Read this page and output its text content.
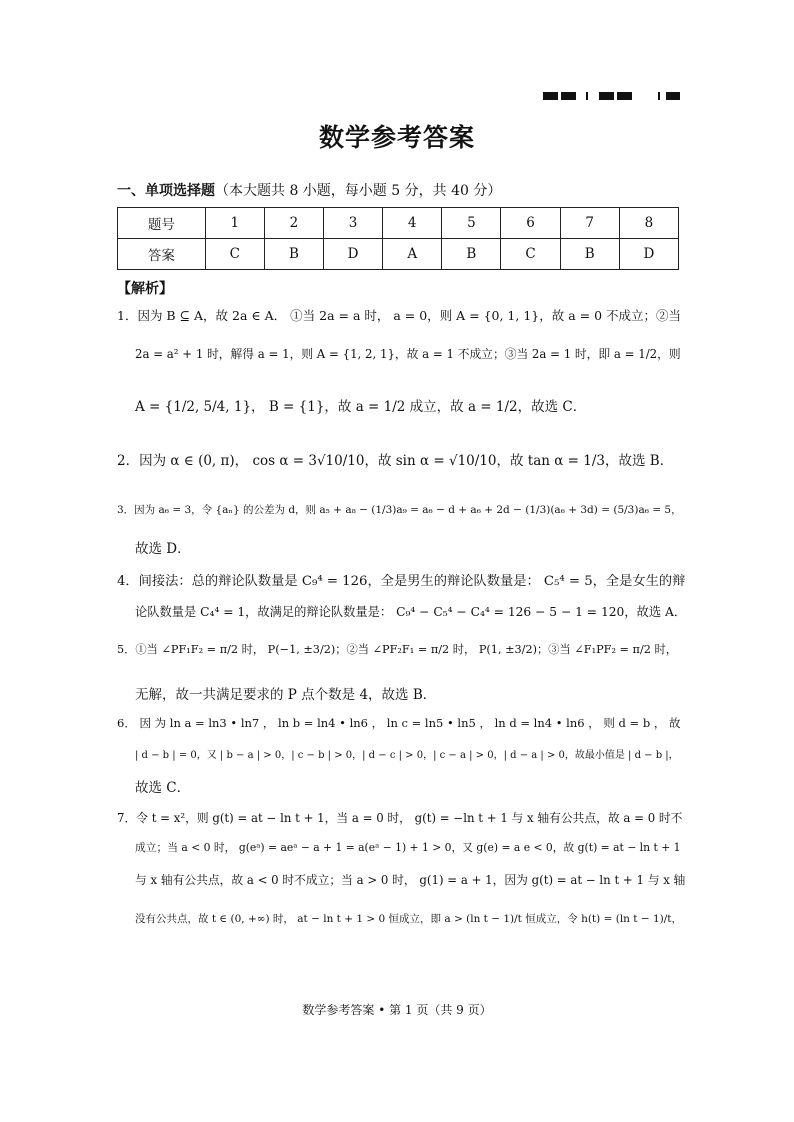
数学参考答案
一、单项选择题（本大题共 8 小题，每小题 5 分，共 40 分）
题号	1	2	3	4	5	6	7	8
答案	C	B	D	A	B	C	B	D
【解析】
1．因为 B ⊆ A，故 2a ∈ A． ①当 2a = a 时， a = 0，则 A = {0, 1, 1}，故 a = 0 不成立；②当
2a = a² + 1 时，解得 a = 1，则 A = {1, 2, 1}，故 a = 1 不成立；③当 2a = 1 时，即 a = 1/2，则
A = {1/2, 5/4, 1}， B = {1}，故 a = 1/2 成立，故 a = 1/2，故选 C．
2．因为 α ∈ (0, π)， cos α = 3√10/10，故 sin α = √10/10，故 tan α = 1/3，故选 B．
3．因为 a₆ = 3，令 {aₙ} 的公差为 d，则 a₅ + a₈ − (1/3)a₉ = a₆ − d + a₆ + 2d − (1/3)(a₆ + 3d) = (5/3)a₆ = 5，
故选 D．
4．间接法：总的辩论队数量是 C₉⁴ = 126，全是男生的辩论队数量是： C₅⁴ = 5，全是女生的辩
论队数量是 C₄⁴ = 1，故满足的辩论队数量是： C₉⁴ − C₅⁴ − C₄⁴ = 126 − 5 − 1 = 120，故选 A．
5．①当 ∠PF₁F₂ = π/2 时， P(−1, ±3/2)；②当 ∠PF₂F₁ = π/2 时， P(1, ±3/2)；③当 ∠F₁PF₂ = π/2 时，
无解，故一共满足要求的 P 点个数是 4，故选 B．
6． 因 为 ln a = ln3 • ln7 ， ln b = ln4 • ln6 ， ln c = ln5 • ln5 ， ln d = ln4 • ln6 ， 则 d = b ， 故
| d − b | = 0，又 | b − a | > 0，| c − b | > 0，| d − c | > 0，| c − a | > 0，| d − a | > 0，故最小值是 | d − b |，
故选 C．
7．令 t = x²，则 g(t) = at − ln t + 1，当 a = 0 时， g(t) = −ln t + 1 与 x 轴有公共点，故 a = 0 时不
成立；当 a < 0 时， g(eᵃ) = aeᵃ − a + 1 = a(eᵃ − 1) + 1 > 0，又 g(e) = a e < 0，故 g(t) = at − ln t + 1
与 x 轴有公共点，故 a < 0 时不成立；当 a > 0 时， g(1) = a + 1，因为 g(t) = at − ln t + 1 与 x 轴
没有公共点，故 t ∈ (0, +∞) 时， at − ln t + 1 > 0 恒成立，即 a > (ln t − 1)/t 恒成立，令 h(t) = (ln t − 1)/t，
数学参考答案 • 第 1 页（共 9 页）
